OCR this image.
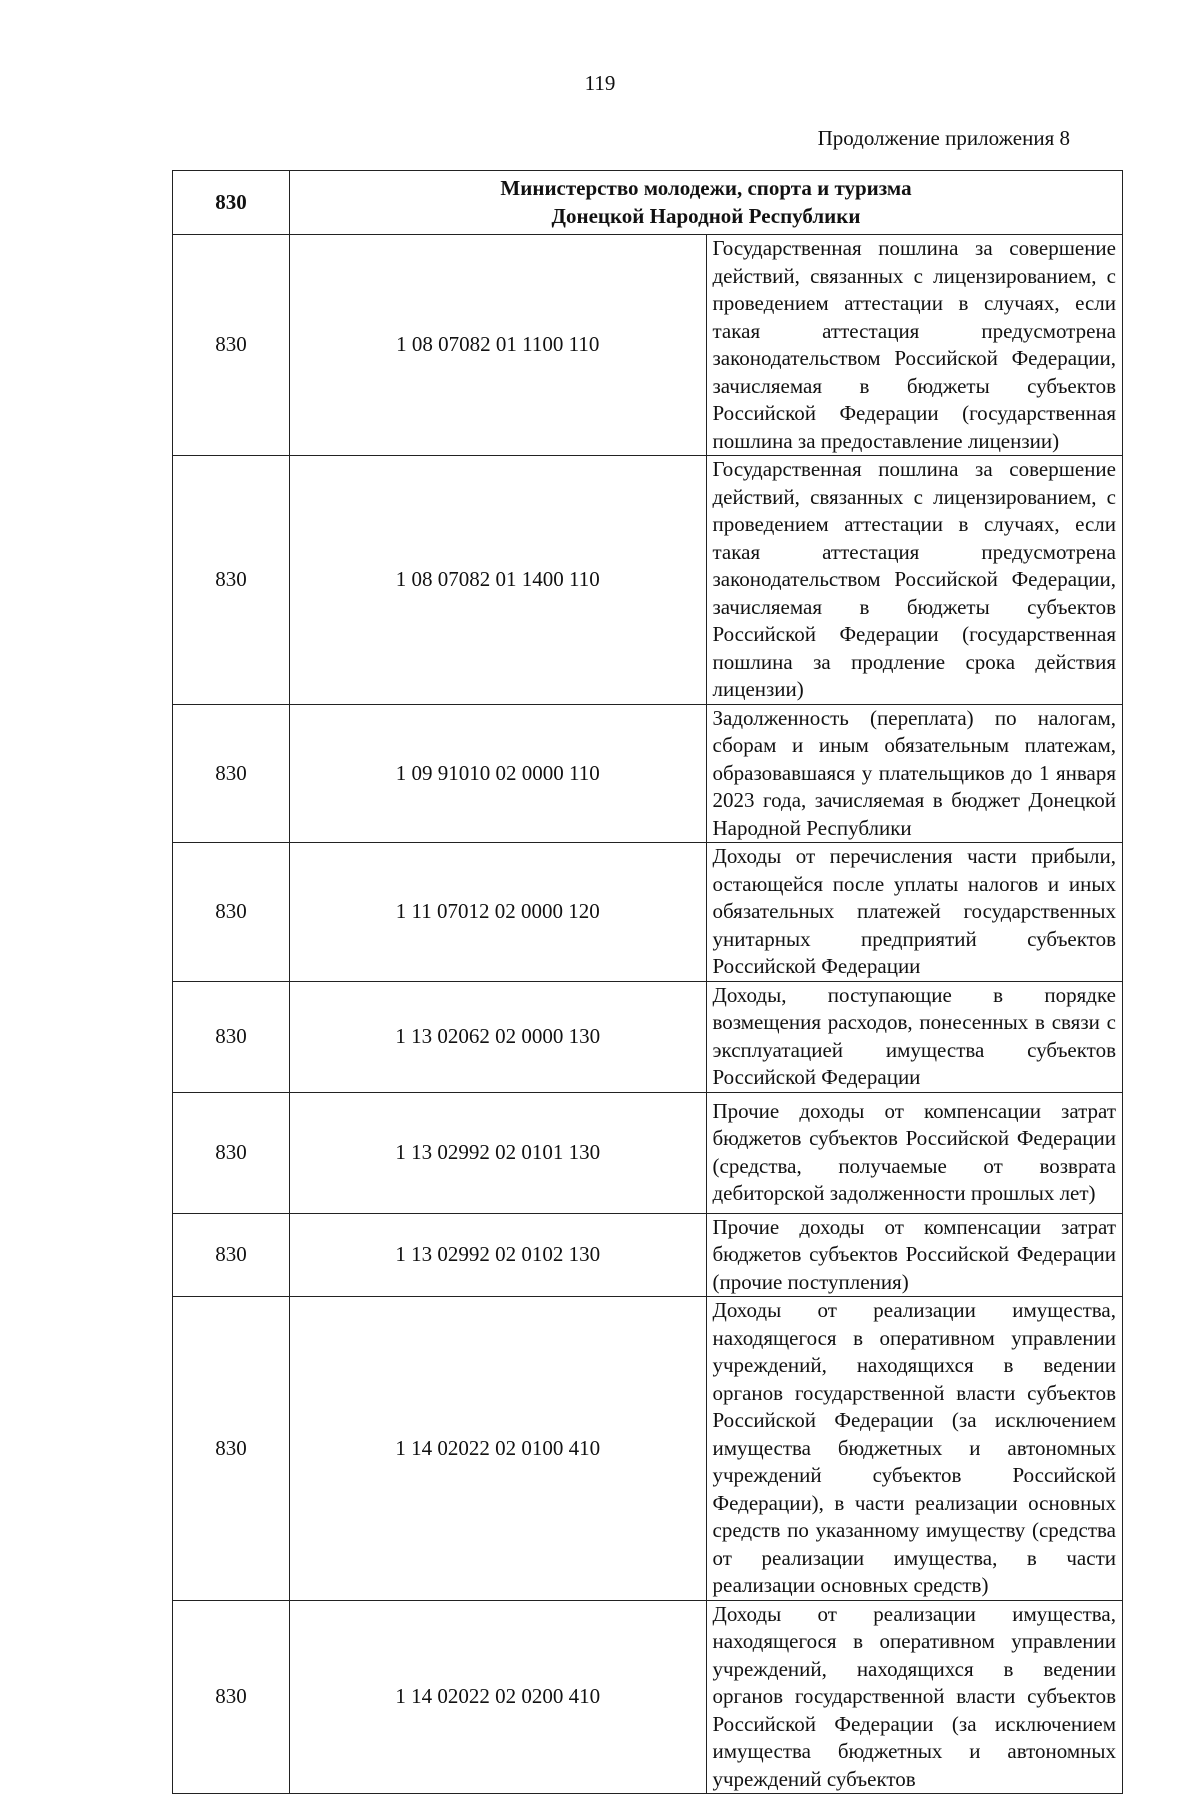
119
Продолжение приложения 8
830	Министерство молодежи, спорта и туризма
Донецкой Народной Республики	

830	1 08 07082 01 1100 110	Государственная пошлина за совершение действий, связанных с лицензированием, с проведением аттестации в случаях, если такая аттестация предусмотрена законодательством Российской Федерации, зачисляемая в бюджеты субъектов Российской Федерации (государственная пошлина за предоставление лицензии)
830	1 08 07082 01 1400 110	Государственная пошлина за совершение действий, связанных с лицензированием, с проведением аттестации в случаях, если такая аттестация предусмотрена законодательством Российской Федерации, зачисляемая в бюджеты субъектов Российской Федерации (государственная пошлина за продление срока действия лицензии)
830	1 09 91010 02 0000 110	Задолженность (переплата) по налогам, сборам и иным обязательным платежам, образовавшаяся у плательщиков до 1 января 2023 года, зачисляемая в бюджет Донецкой Народной Республики
830	1 11 07012 02 0000 120	Доходы от перечисления части прибыли, остающейся после уплаты налогов и иных обязательных платежей государственных унитарных предприятий субъектов Российской Федерации
830	1 13 02062 02 0000 130	Доходы, поступающие в порядке возмещения расходов, понесенных в связи с эксплуатацией имущества субъектов Российской Федерации
830	1 13 02992 02 0101 130	Прочие доходы от компенсации затрат бюджетов субъектов Российской Федерации (средства, получаемые от возврата дебиторской задолженности прошлых лет)
830	1 13 02992 02 0102 130	Прочие доходы от компенсации затрат бюджетов субъектов Российской Федерации (прочие поступления)
830	1 14 02022 02 0100 410	Доходы от реализации имущества, находящегося в оперативном управлении учреждений, находящихся в ведении органов государственной власти субъектов Российской Федерации (за исключением имущества бюджетных и автономных учреждений субъектов Российской Федерации), в части реализации основных средств по указанному имуществу (средства от реализации имущества, в части реализации основных средств)
830	1 14 02022 02 0200 410	Доходы от реализации имущества, находящегося в оперативном управлении учреждений, находящихся в ведении органов государственной власти субъектов Российской Федерации (за исключением имущества бюджетных и автономных учреждений субъектов
